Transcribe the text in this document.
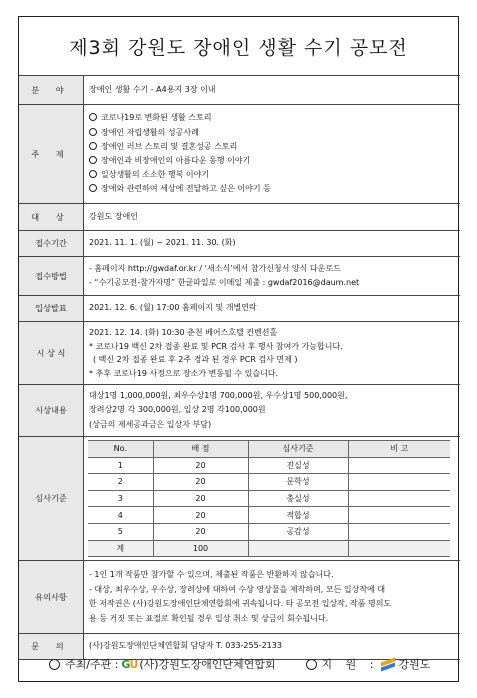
제3회 강원도 장애인 생활 수기 공모전
분 야	장애인 생활 수기 - A4용지 3장 이내
주 제	
코로나19로 변화된 생활 스토리
장애인 자립생활의 성공사례
장애인 러브 스토리 및 결혼성공 스토리
장애인과 비장애인의 아름다운 동행 이야기
일상생활의 소소한 행복 이야기
장애와 관련하여 세상에 전달하고 싶은 이야기 등

대 상	강원도 장애인
접수기간	2021. 11. 1. (월) ~ 2021. 11. 30. (화)
접수방법	
- 홈페이지 http://gwdaf.or.kr / ‘새소식’에서 참가신청서 양식 다운로드
- “수기공모전-참가자명” 한글파일로 이메일 제출 : gwdaf2016@daum.net

입상발표	2021. 12. 6. (월) 17:00 홈페이지 및 개별연락
시 상 식	
2021. 12. 14. (화) 10:30 춘천 베어스호텔 컨벤션홀
* 코로나19 백신 2차 접종 완료 및 PCR 검사 후 행사 참여가 가능합니다.
( 백신 2차 접종 완료 후 2주 경과 된 경우 PCR 검사 면제 )
* 추후 코로나19 사정으로 장소가 변동될 수 있습니다.

시상내용	
대상1명 1,000,000원, 최우수상1명 700,000원, 우수상1명 500,000원,
장려상2명 각 300,000원, 입상 2명 각100,000원
(상금의 제세공과금은 입상자 부담)

심사기준	
No.	배 점	심사기준	비 고
1	20	진실성	
2	20	문학성	
3	20	충실성	
4	20	적합성	
5	20	공감성	
계	100		

유의사항	
- 1인 1개 작품만 참가할 수 있으며, 제출된 작품은 반환하지 않습니다.
- 대상, 최우수상, 우수상, 장려상에 대하여 수상 영상물을 제작하며, 모든 입상작에 대
한 저작권은 (사)강원도장애인단체연합회에 귀속됩니다. 타 공모전 입상작, 작품 명의도
용 등 거짓 또는 표절로 확인될 경우 입상 취소 및 상금이 회수됩니다.

문 의	(사)강원도장애인단체연합회 담당자 T. 033-255-2133
주최/주관 : GU (사)강원도장애인단체연합회	지 원 : 강원도
